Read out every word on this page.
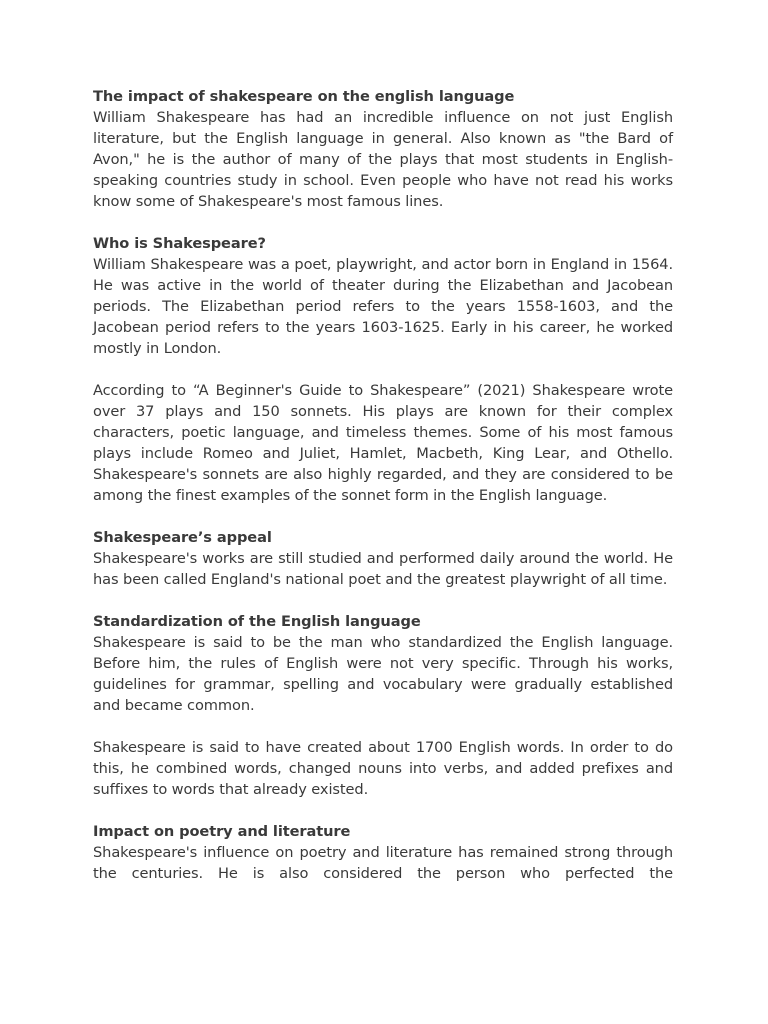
The impact of shakespeare on the english language

William Shakespeare has had an incredible influence on not just English literature, but the English language in general. Also known as "the Bard of Avon," he is the author of many of the plays that most students in English-speaking countries study in school. Even people who have not read his works know some of Shakespeare's most famous lines.

Who is Shakespeare?

William Shakespeare was a poet, playwright, and actor born in England in 1564. He was active in the world of theater during the Elizabethan and Jacobean periods. The Elizabethan period refers to the years 1558-1603, and the Jacobean period refers to the years 1603-1625. Early in his career, he worked mostly in London.

According to “A Beginner's Guide to Shakespeare” (2021) Shakespeare wrote over 37 plays and 150 sonnets. His plays are known for their complex characters, poetic language, and timeless themes. Some of his most famous plays include Romeo and Juliet, Hamlet, Macbeth, King Lear, and Othello. Shakespeare's sonnets are also highly regarded, and they are considered to be among the finest examples of the sonnet form in the English language.

Shakespeare’s appeal

Shakespeare's works are still studied and performed daily around the world. He has been called England's national poet and the greatest playwright of all time.

Standardization of the English language

Shakespeare is said to be the man who standardized the English language. Before him, the rules of English were not very specific. Through his works, guidelines for grammar, spelling and vocabulary were gradually established and became common.

Shakespeare is said to have created about 1700 English words. In order to do this, he combined words, changed nouns into verbs, and added prefixes and suffixes to words that already existed.

Impact on poetry and literature

Shakespeare's influence on poetry and literature has remained strong through the centuries. He is also considered the person who perfected the
